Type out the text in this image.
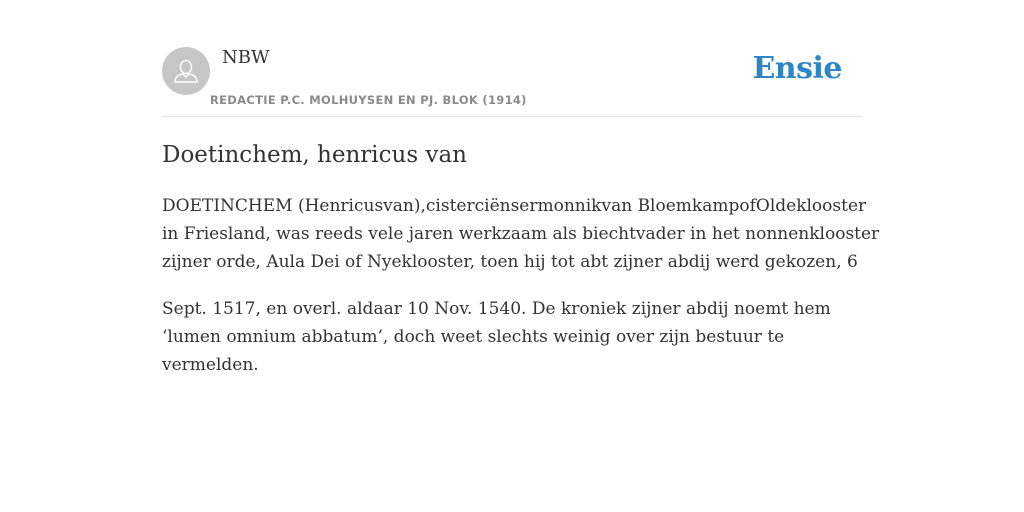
NBW
REDACTIE P.C. MOLHUYSEN EN PJ. BLOK (1914)
Ensie
Doetinchem, henricus van
DOETINCHEM (Henricusvan),cisterciënsermonnikvan BloemkampofOldeklooster
in Friesland, was reeds vele jaren werkzaam als biechtvader in het nonnenklooster
zijner orde, Aula Dei of Nyeklooster, toen hij tot abt zijner abdij werd gekozen, 6
Sept. 1517, en overl. aldaar 10 Nov. 1540. De kroniek zijner abdij noemt hem
‘lumen omnium abbatum’, doch weet slechts weinig over zijn bestuur te
vermelden.
